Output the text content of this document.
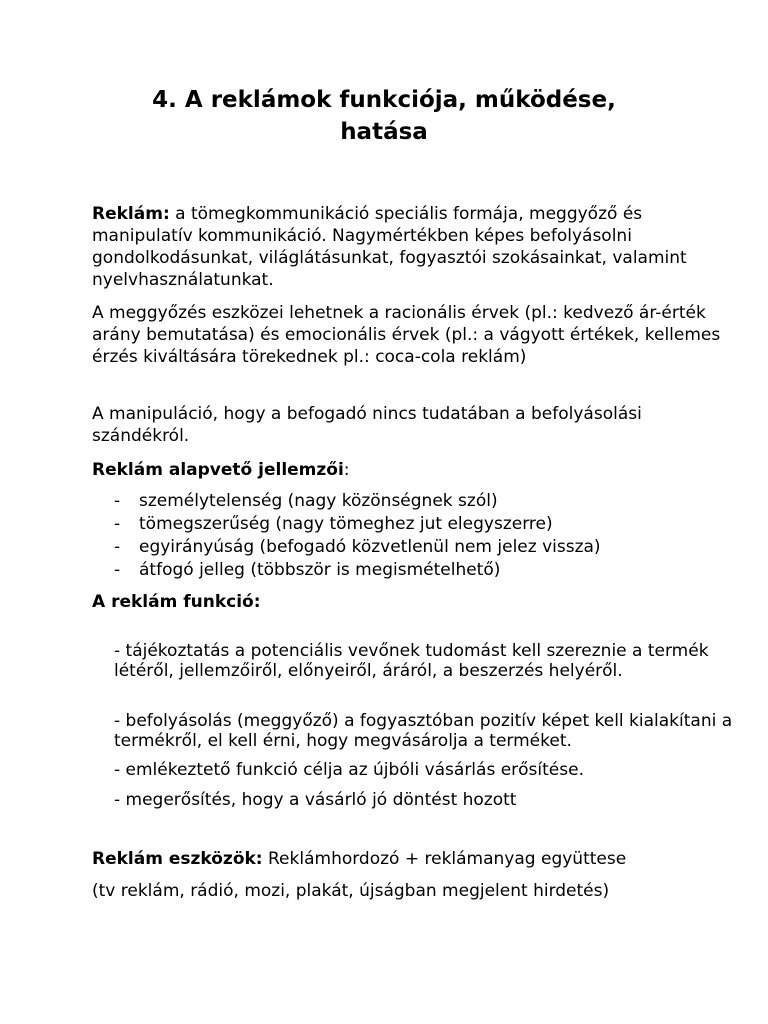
4. A reklámok funkciója, működése,
hatása

Reklám: a tömegkommunikáció speciális formája, meggyőző és manipulatív kommunikáció. Nagymértékben képes befolyásolni gondolkodásunkat, világlátásunkat, fogyasztói szokásainkat, valamint nyelvhasználatunkat.

A meggyőzés eszközei lehetnek a racionális érvek (pl.: kedvező ár-érték arány bemutatása) és emocionális érvek (pl.: a vágyott értékek, kellemes érzés kiváltására törekednek pl.: coca-cola reklám)

A manipuláció, hogy a befogadó nincs tudatában a befolyásolási szándékról.

Reklám alapvető jellemzői:

- személytelenség (nagy közönségnek szól)
- tömegszerűség (nagy tömeghez jut elegyszerre)
- egyirányúság (befogadó közvetlenül nem jelez vissza)
- átfogó jelleg (többször is megismételhető)

A reklám funkció:

- tájékoztatás a potenciális vevőnek tudomást kell szereznie a termék létéről, jellemzőiről, előnyeiről, áráról, a beszerzés helyéről.

- befolyásolás (meggyőző) a fogyasztóban pozitív képet kell kialakítani a termékről, el kell érni, hogy megvásárolja a terméket.

- emlékeztető funkció célja az újbóli vásárlás erősítése.

- megerősítés, hogy a vásárló jó döntést hozott

Reklám eszközök: Reklámhordozó + reklámanyag együttese

(tv reklám, rádió, mozi, plakát, újságban megjelent hirdetés)
